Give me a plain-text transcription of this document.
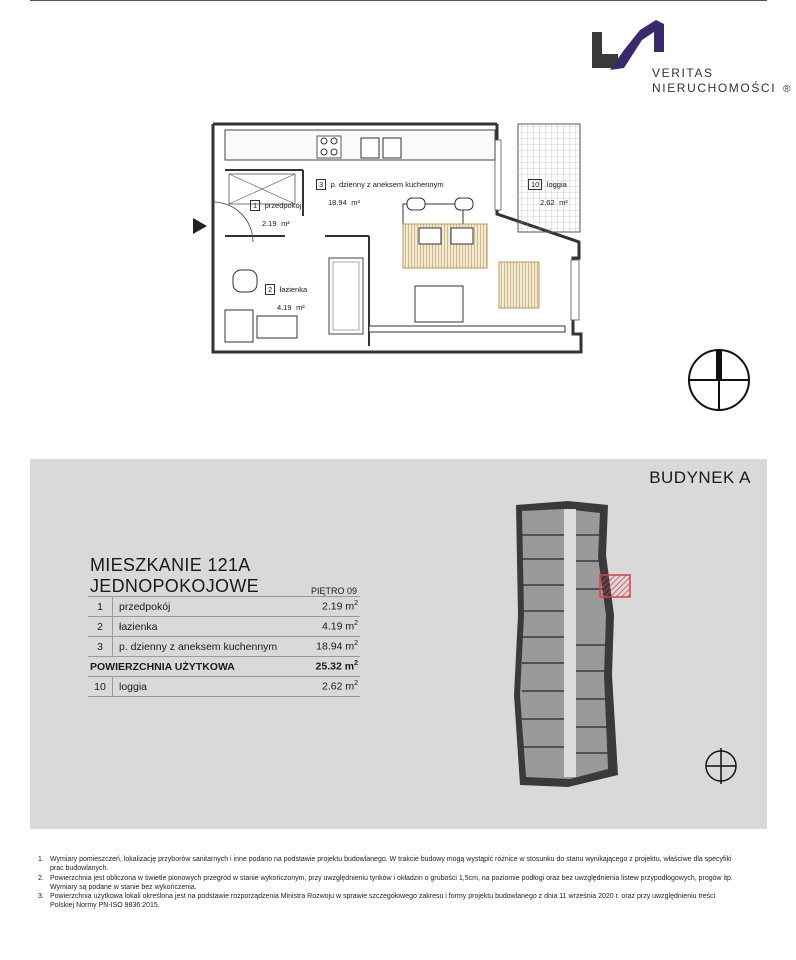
VERITAS
NIERUCHOMOŚCI ®
1 przedpokój
2.19 m²
2 łazienka
4.19 m²
3 p. dzienny z aneksem kuchennym
18.94 m²
10 loggia
2.62 m²
BUDYNEK A
MIESZKANIE 121A
JEDNOPOKOJOWE	PIĘTRO 09
1	przedpokój	2.19 $m^2$
2	łazienka	4.19 $m^2$
3	p. dzienny z aneksem kuchennym	18.94 $m^2$
POWIERZCHNIA UŻYTKOWA		25.32 $m^2$
10	loggia	2.62 $m^2$
1. Wymiary pomieszczeń, lokalizację przyborów sanitarnych i inne podano na podstawie projektu budowlanego. W trakcie budowy mogą wystąpić różnice w stosunku do stanu wynikającego z projektu, właściwe dla specyfiki prac budowlanych.
2. Powierzchnia jest obliczona w świetle pionowych przegród w stanie wykończonym, przy uwzględnieniu tynków i okładzin o grubości 1,5cm, na poziomie podłogi oraz bez uwzględnienia listew przypodłogowych, progów itp. Wymiary są podane w stanie bez wykończenia.
3. Powierzchnia użytkowa lokali określona jest na podstawie rozporządzenia Ministra Rozwoju w sprawie szczegółowego zakresu i formy projektu budowlanego z dnia 11 września 2020 r. oraz przy uwzględnieniu treści Polskiej Normy PN-ISO 9836:2015.
